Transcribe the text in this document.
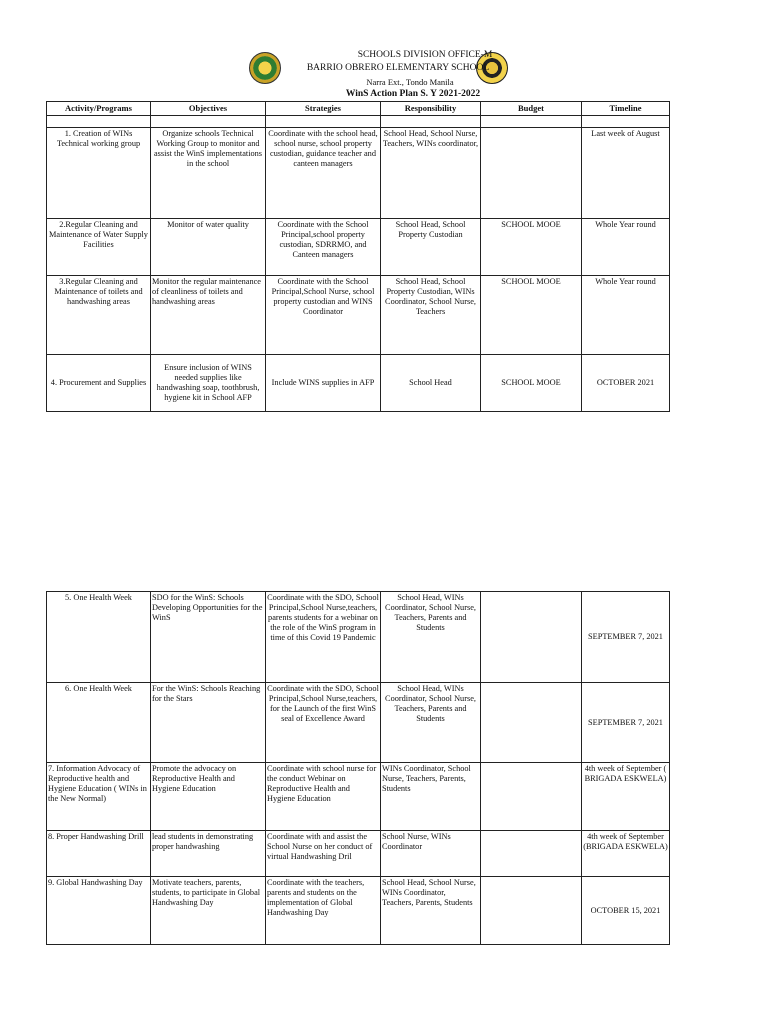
SCHOOLS DIVISION OFFICE-M
BARRIO OBRERO ELEMENTARY SCHOOL
Narra Ext., Tondo Manila
WinS Action Plan S. Y 2021-2022
Activity/Programs	Objectives	Strategies	Responsibility	Budget	Timeline

1. Creation of WINs Technical working group	Organize schools Technical Working Group to monitor and assist the WinS implementations in the school	Coordinate with the school head, school nurse, school property custodian, guidance teacher and canteen managers	School Head, School Nurse, Teachers, WINs coordinator,		Last week of August
2.Regular Cleaning and Maintenance of Water Supply Facilities	Monitor of water quality	Coordinate with the School Principal,school property custodian, SDRRMO, and Canteen managers	School Head, School Property Custodian	SCHOOL MOOE	Whole Year round
3.Regular Cleaning and Maintenance of toilets and handwashing areas	Monitor the regular maintenance of cleanliness of toilets and handwashing areas	Coordinate with the School Principal,School Nurse, school property custodian and WINS Coordinator	School Head, School Property Custodian, WINs Coordinator, School Nurse, Teachers	SCHOOL MOOE	Whole Year round
4. Procurement and Supplies	Ensure inclusion of WINS needed supplies like handwashing soap, toothbrush, hygiene kit in School AFP	Include WINS supplies in AFP	School Head	SCHOOL MOOE	OCTOBER 2021
5. One Health Week	SDO for the WinS: Schools Developing Opportunities for the WinS	Coordinate with the SDO, School Principal,School Nurse,teachers, parents students for a webinar on the role of the WinS program in time of this Covid 19 Pandemic	School Head, WINs Coordinator, School Nurse, Teachers, Parents and Students		SEPTEMBER 7, 2021
6. One Health Week	For the WinS: Schools Reaching for the Stars	Coordinate with the SDO, School Principal,School Nurse,teachers, for the Launch of the first WinS seal of Excellence Award	School Head, WINs Coordinator, School Nurse, Teachers, Parents and Students		SEPTEMBER 7, 2021
7. Information Advocacy of Reproductive health and Hygiene Education ( WINs in the New Normal)	Promote the advocacy on Reproductive Health and Hygiene Education	Coordinate with school nurse for the conduct Webinar on Reproductive Health and Hygiene Education	WINs Coordinator, School Nurse, Teachers, Parents, Students		4th week of September ( BRIGADA ESKWELA)
8. Proper Handwashing Drill	lead students in demonstrating proper handwashing	Coordinate with and assist the School Nurse on her conduct of virtual Handwashing Dril	School Nurse, WINs Coordinator		4th week of September (BRIGADA ESKWELA)
9. Global Handwashing Day	Motivate teachers, parents, students, to participate in Global Handwashing Day	Coordinate with the teachers, parents and students on the implementation of Global Handwashing Day	School Head, School Nurse, WINs Coordinator, Teachers, Parents, Students		OCTOBER 15, 2021
